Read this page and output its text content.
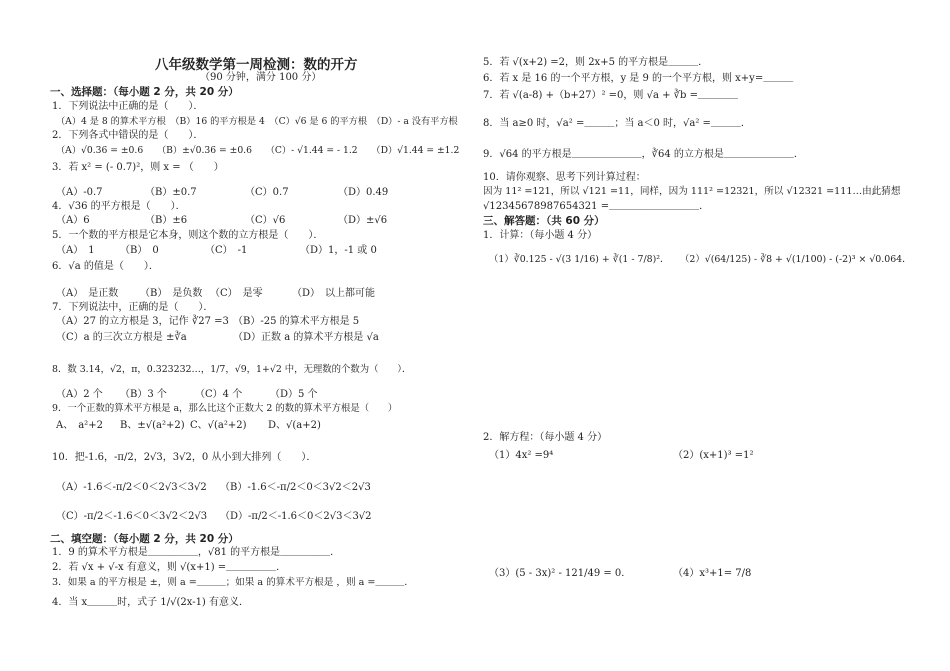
八年级数学第一周检测：数的开方
（90 分钟，满分 100 分）
一、选择题：（每小题 2 分，共 20 分）
1．下列说法中正确的是（　　）．
（A）4 是 8 的算术平方根　（B）16 的平方根是 4　（C）√6 是 6 的平方根　（D）- a 没有平方根
2．下列各式中错误的是（　　）．
（A）√0.36 = ±0.6　　（B）±√0.36 = ±0.6　　（C）- √1.44 = - 1.2　　（D）√1.44 = ±1.2
3．若 x² = (- 0.7)²，则 x = （　　）
（A）-0.7	（B）±0.7	（C）0.7	（D）0.49
4．√36 的平方根是（　　）．
（A）6	（B）±6	（C）√6	（D）±√6
5．一个数的平方根是它本身，则这个数的立方根是（　　）．
（A）　1	（B）　0	（C）　-1	（D）1，-1 或 0
6．√a 的值是（　　）．
（A）　是正数 （B）　是负数 （C）　是零	（D）　以上都可能
7．下列说法中，正确的是（　　）．
（A）27 的立方根是 3，记作 ∛27 =3 （B）-25 的算术平方根是 5
（C）a 的三次立方根是 ±∛a	（D）正数 a 的算术平方根是 √a
8．数 3.14，√2，π，0.323232…，1/7，√9，1+√2 中，无理数的个数为（　　）．
（A）2 个 （B）3 个	（C）4 个	（D）5 个
9．一个正数的算术平方根是 a，那么比这个正数大 2 的数的算术平方根是（　　）
A、　a²+2 B、±√(a²+2) C、√(a²+2) D、√(a+2)
10．把-1.6，-π/2，2√3，3√2，0 从小到大排列（　　）．
（A）-1.6＜-π/2＜0＜2√3＜3√2 （B）-1.6＜-π/2＜0＜3√2＜2√3
（C）-π/2＜-1.6＜0＜3√2＜2√3 （D）-π/2＜-1.6＜0＜2√3＜3√2
二、填空题：（每小题 2 分，共 20 分）
1．9 的算术平方根是＿＿＿＿＿，√81 的平方根是＿＿＿＿＿．
2．若 √x + √-x 有意义，则 √(x+1) =＿＿＿＿＿．
3．如果 a 的平方根是 ±，则 a =＿＿＿；如果 a 的算术平方根是 ，则 a =＿＿＿．
4．当 x＿＿＿时，式子 1/√(2x-1) 有意义．
5．若 √(x+2) =2，则 2x+5 的平方根是＿＿＿．
6．若 x 是 16 的一个平方根，y 是 9 的一个平方根，则 x+y=＿＿＿
7．若 √(a-8) +（b+27）² =0，则 √a + ∛b =＿＿＿＿
8．当 a≥0 时，√a² =＿＿＿；当 a＜0 时，√a² =＿＿＿．
9．√64 的平方根是＿＿＿＿＿＿＿，∛64 的立方根是＿＿＿＿＿＿＿．
10．请你观察、思考下列计算过程：
因为 11² =121，所以 √121 =11，同样，因为 111² =12321，所以 √12321 =111…由此猜想
√12345678987654321 =＿＿＿＿＿＿＿＿＿．
三、解答题：（共 60 分）
1．计算：（每小题 4 分）
（1）∛0.125 - √(3 1/16) + ∛(1 - 7/8)²． （2）√(64/125) - ∛8 + √(1/100) - (-2)³ × √0.064．
2．解方程：（每小题 4 分）
（1）4x² =9⁴	（2）(x+1)³ =1²
（3）(5 - 3x)² - 121/49 = 0．	（4）x³+1= 7/8
